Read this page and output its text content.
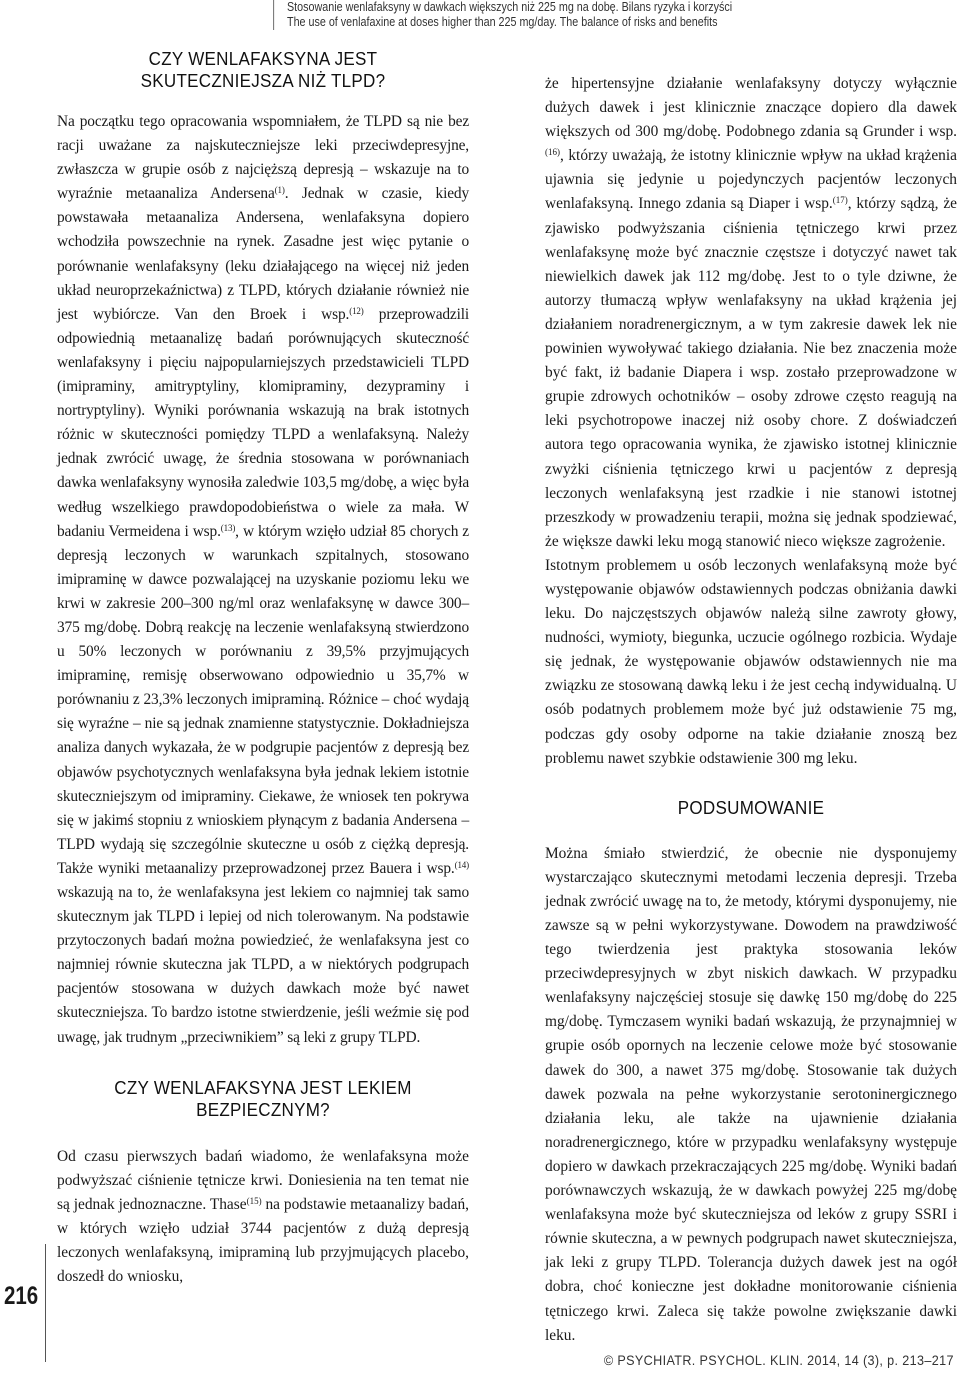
Stosowanie wenlafaksyny w dawkach większych niż 225 mg na dobę. Bilans ryzyka i korzyści
The use of venlafaxine at doses higher than 225 mg/day. The balance of risks and benefits
CZY WENLAFAKSYNA JEST
SKUTECZNIEJSZA NIŻ TLPD?

Na początku tego opracowania wspomniałem, że TLPD są nie bez racji uważane za najskuteczniejsze leki przeciwdepresyjne, zwłaszcza w grupie osób z najcięższą depresją – wskazuje na to wyraźnie metaanaliza Andersena$^{(1)}$. Jednak w czasie, kiedy powstawała metaanaliza Andersena, wenlafaksyna dopiero wchodziła powszechnie na rynek. Zasadne jest więc pytanie o porównanie wenlafaksyny (leku działającego na więcej niż jeden układ neuroprzekaźnictwa) z TLPD, których działanie również nie jest wybiórcze. Van den Broek i wsp.$^{(12)}$ przeprowadzili odpowiednią metaanalizę badań porównujących skuteczność wenlafaksyny i pięciu najpopularniejszych przedstawicieli TLPD (imipraminy, amitryptyliny, klomipraminy, dezypraminy i nortryptyliny). Wyniki porównania wskazują na brak istotnych różnic w skuteczności pomiędzy TLPD a wenlafaksyną. Należy jednak zwrócić uwagę, że średnia stosowana w porównaniach dawka wenlafaksyny wynosiła zaledwie 103,5 mg/dobę, a więc była według wszelkiego prawdopodobieństwa o wiele za mała. W badaniu Vermeidena i wsp.$^{(13)}$, w którym wzięło udział 85 chorych z depresją leczonych w warunkach szpitalnych, stosowano imipraminę w dawce pozwalającej na uzyskanie poziomu leku we krwi w zakresie 200–300 ng/ml oraz wenlafaksynę w dawce 300–375 mg/dobę. Dobrą reakcję na leczenie wenlafaksyną stwierdzono u 50% leczonych w porównaniu z 39,5% przyjmujących imipraminę, remisję obserwowano odpowiednio u 35,7% w porównaniu z 23,3% leczonych imipraminą. Różnice – choć wydają się wyraźne – nie są jednak znamienne statystycznie. Dokładniejsza analiza danych wykazała, że w podgrupie pacjentów z depresją bez objawów psychotycznych wenlafaksyna była jednak lekiem istotnie skuteczniejszym od imipraminy. Ciekawe, że wniosek ten pokrywa się w jakimś stopniu z wnioskiem płynącym z badania Andersena – TLPD wydają się szczególnie skuteczne u osób z ciężką depresją. Także wyniki metaanalizy przeprowadzonej przez Bauera i wsp.$^{(14)}$ wskazują na to, że wenlafaksyna jest lekiem co najmniej tak samo skutecznym jak TLPD i lepiej od nich tolerowanym. Na podstawie przytoczonych badań można powiedzieć, że wenlafaksyna jest co najmniej równie skuteczna jak TLPD, a w niektórych podgrupach pacjentów stosowana w dużych dawkach może być nawet skuteczniejsza. To bardzo istotne stwierdzenie, jeśli weźmie się pod uwagę, jak trudnym „przeciwnikiem” są leki z grupy TLPD.

CZY WENLAFAKSYNA JEST LEKIEM
BEZPIECZNYM?

Od czasu pierwszych badań wiadomo, że wenlafaksyna może podwyższać ciśnienie tętnicze krwi. Doniesienia na ten temat nie są jednak jednoznaczne. Thase$^{(15)}$ na podstawie metaanalizy badań, w których wzięło udział 3744 pacjentów z dużą depresją leczonych wenlafaksyną, imipraminą lub przyjmujących placebo, doszedł do wniosku,

że hipertensyjne działanie wenlafaksyny dotyczy wyłącznie dużych dawek i jest klinicznie znaczące dopiero dla dawek większych od 300 mg/dobę. Podobnego zdania są Grunder i wsp.$^{(16)}$, którzy uważają, że istotny klinicznie wpływ na układ krążenia ujawnia się jedynie u pojedynczych pacjentów leczonych wenlafaksyną. Innego zdania są Diaper i wsp.$^{(17)}$, którzy sądzą, że zjawisko podwyższania ciśnienia tętniczego krwi przez wenlafaksynę może być znacznie częstsze i dotyczyć nawet tak niewielkich dawek jak 112 mg/dobę. Jest to o tyle dziwne, że autorzy tłumaczą wpływ wenlafaksyny na układ krążenia jej działaniem noradrenergicznym, a w tym zakresie dawek lek nie powinien wywoływać takiego działania. Nie bez znaczenia może być fakt, iż badanie Diapera i wsp. zostało przeprowadzone w grupie zdrowych ochotników – osoby zdrowe często reagują na leki psychotropowe inaczej niż osoby chore. Z doświadczeń autora tego opracowania wynika, że zjawisko istotnej klinicznie zwyżki ciśnienia tętniczego krwi u pacjentów z depresją leczonych wenlafaksyną jest rzadkie i nie stanowi istotnej przeszkody w prowadzeniu terapii, można się jednak spodziewać, że większe dawki leku mogą stanowić nieco większe zagrożenie.

Istotnym problemem u osób leczonych wenlafaksyną może być występowanie objawów odstawiennych podczas obniżania dawki leku. Do najczęstszych objawów należą silne zawroty głowy, nudności, wymioty, biegunka, uczucie ogólnego rozbicia. Wydaje się jednak, że występowanie objawów odstawiennych nie ma związku ze stosowaną dawką leku i że jest cechą indywidualną. U osób podatnych problemem może być już odstawienie 75 mg, podczas gdy osoby odporne na takie działanie znoszą bez problemu nawet szybkie odstawienie 300 mg leku.

PODSUMOWANIE

Można śmiało stwierdzić, że obecnie nie dysponujemy wystarczająco skutecznymi metodami leczenia depresji. Trzeba jednak zwrócić uwagę na to, że metody, którymi dysponujemy, nie zawsze są w pełni wykorzystywane. Dowodem na prawdziwość tego twierdzenia jest praktyka stosowania leków przeciwdepresyjnych w zbyt niskich dawkach. W przypadku wenlafaksyny najczęściej stosuje się dawkę 150 mg/dobę do 225 mg/dobę. Tymczasem wyniki badań wskazują, że przynajmniej w grupie osób opornych na leczenie celowe może być stosowanie dawek do 300, a nawet 375 mg/dobę. Stosowanie tak dużych dawek pozwala na pełne wykorzystanie serotoninergicznego działania leku, ale także na ujawnienie działania noradrenergicznego, które w przypadku wenlafaksyny występuje dopiero w dawkach przekraczających 225 mg/dobę. Wyniki badań porównawczych wskazują, że w dawkach powyżej 225 mg/dobę wenlafaksyna może być skuteczniejsza od leków z grupy SSRI i równie skuteczna, a w pewnych podgrupach nawet skuteczniejsza, jak leki z grupy TLPD. Tolerancja dużych dawek jest na ogół dobra, choć konieczne jest dokładne monitorowanie ciśnienia tętniczego krwi. Zaleca się także powolne zwiększanie dawki leku.

216
© PSYCHIATR. PSYCHOL. KLIN. 2014, 14 (3), p. 213–217
